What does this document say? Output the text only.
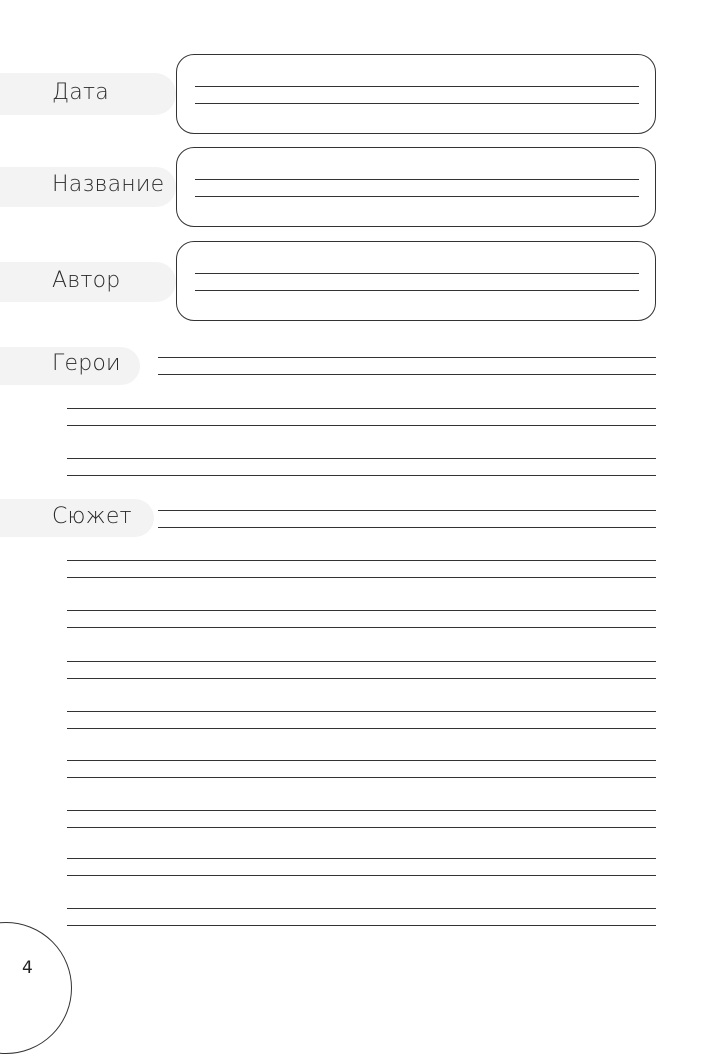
Дата
Название
Автор
Герои
Сюжет
4
